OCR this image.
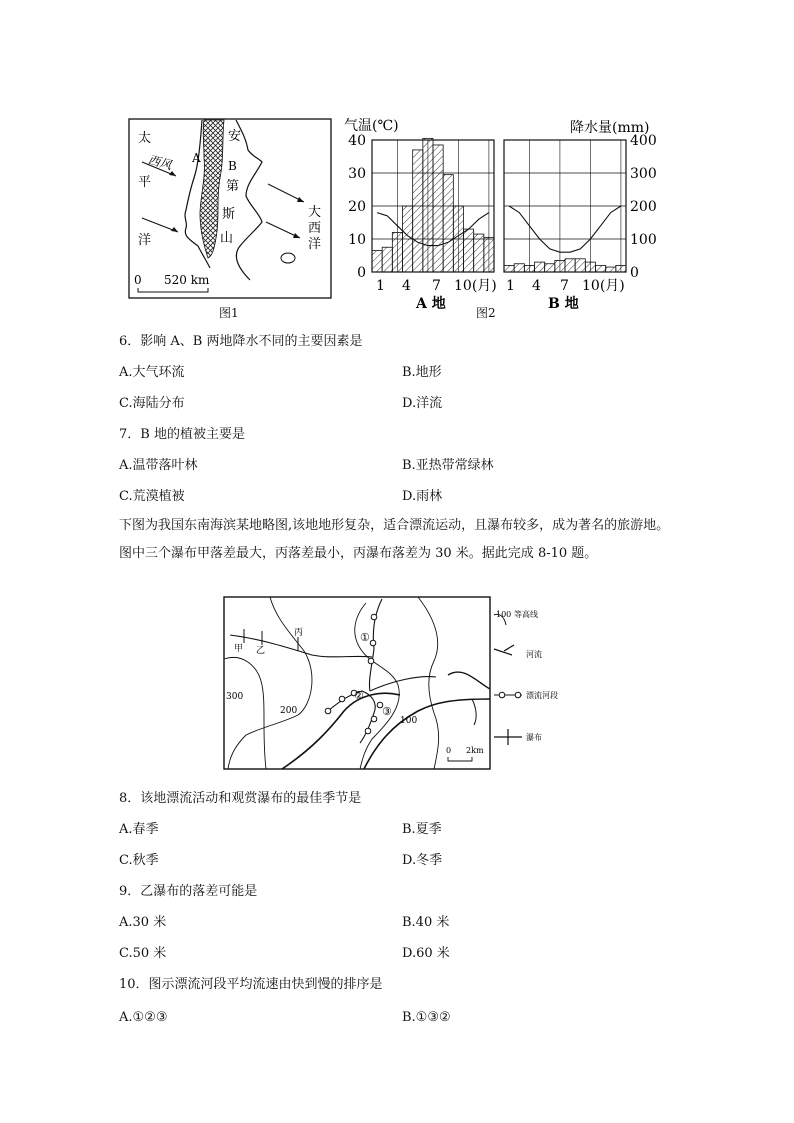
太
平
洋
西风 A
B
安
第
斯
山
大
西
洋
0 520 km
图1
气温(℃)	降水量(mm)
40
30
20
10
0
400
300
200
100
0
1 4 7 10(月)
A 地
1 4 7 10(月)
B 地
图2
6．影响 A、B 两地降水不同的主要因素是
A.大气环流	B.地形
C.海陆分布	D.洋流
7．B 地的植被主要是
A.温带落叶林	B.亚热带常绿林
C.荒漠植被	D.雨林
下图为我国东南海滨某地略图,该地地形复杂，适合漂流运动，且瀑布较多，成为著名的旅游地。图中三个瀑布甲落差最大，丙落差最小，丙瀑布落差为 30 米。据此完成 8-10 题。
甲 乙
丙	①
②
③
300
200
100
0 2km
100 等高线
河流
漂流河段
瀑布
8．该地漂流活动和观赏瀑布的最佳季节是
A.春季	B.夏季
C.秋季	D.冬季
9．乙瀑布的落差可能是
A.30 米	B.40 米
C.50 米	D.60 米
10．图示漂流河段平均流速由快到慢的排序是
A.①②③	B.①③②
